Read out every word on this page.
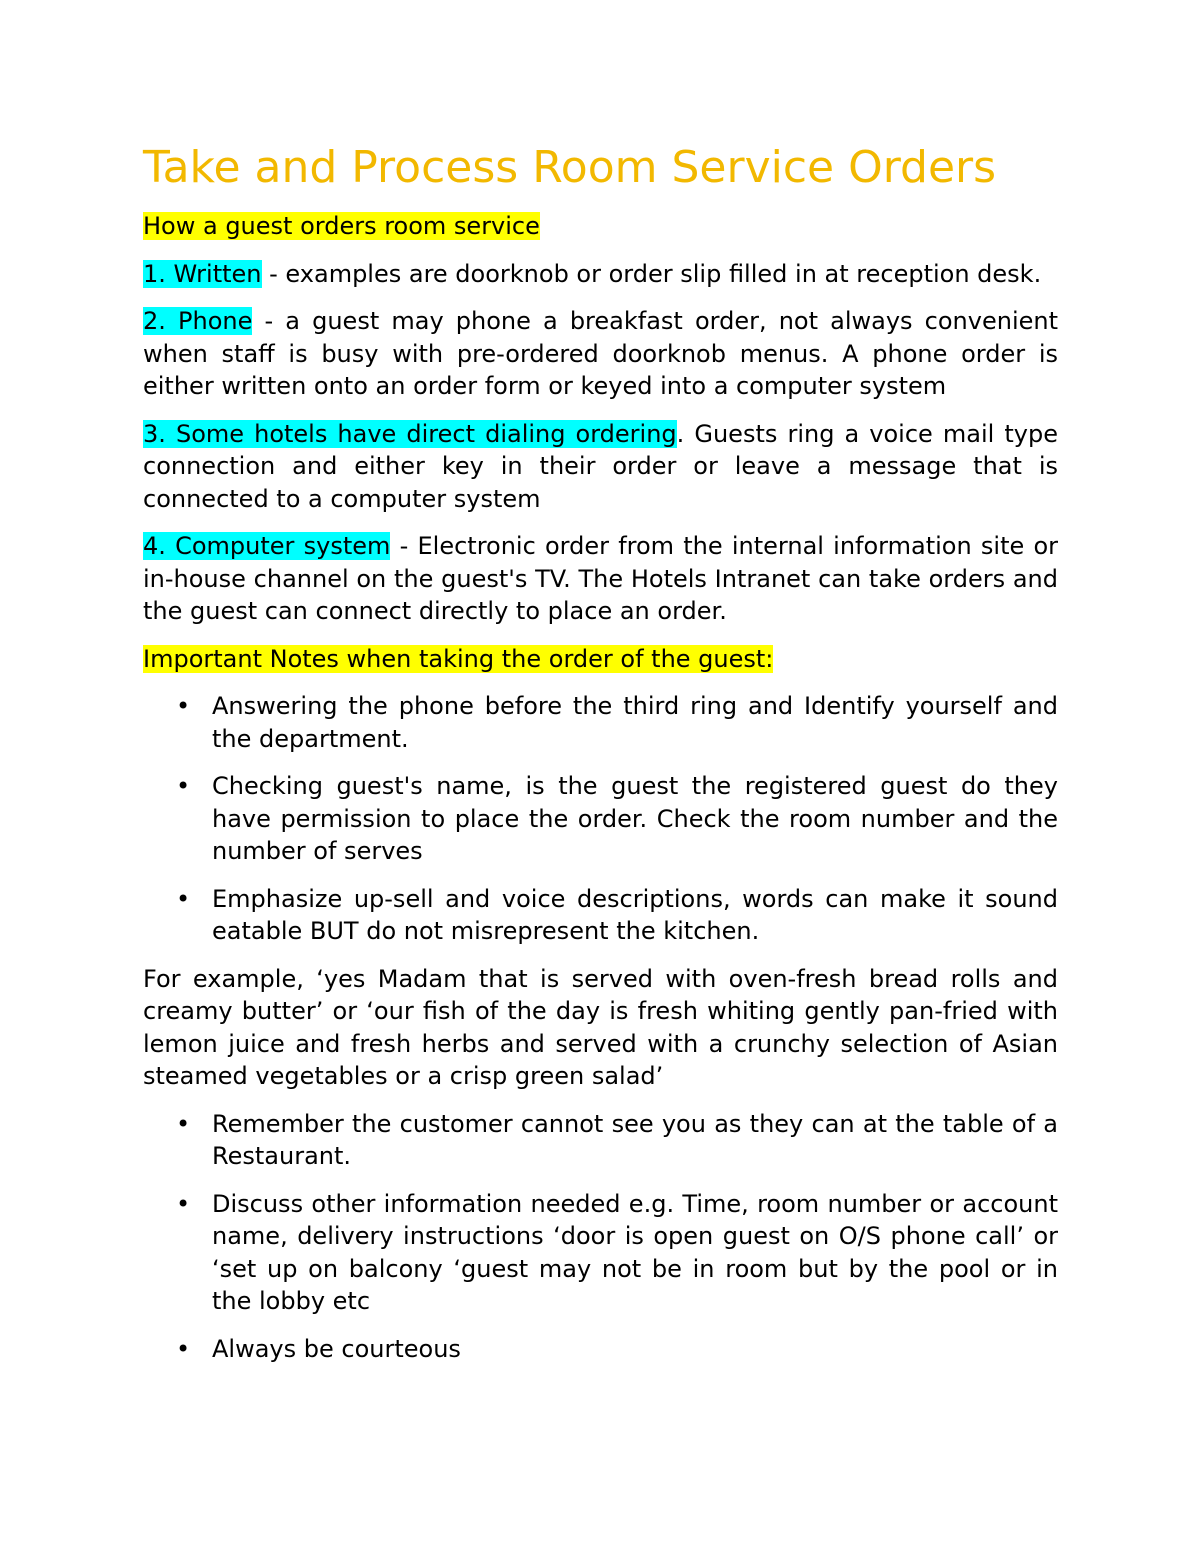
Take and Process Room Service Orders

How a guest orders room service

1. Written - examples are doorknob or order slip filled in at reception desk.

2. Phone - a guest may phone a breakfast order, not always convenient when staff is busy with pre-ordered doorknob menus. A phone order is either written onto an order form or keyed into a computer system

3. Some hotels have direct dialing ordering. Guests ring a voice mail type connection and either key in their order or leave a message that is connected to a computer system

4. Computer system - Electronic order from the internal information site or in-house channel on the guest's TV. The Hotels Intranet can take orders and the guest can connect directly to place an order.

Important Notes when taking the order of the guest:

• Answering the phone before the third ring and Identify yourself and the department.
• Checking guest's name, is the guest the registered guest do they have permission to place the order. Check the room number and the number of serves
• Emphasize up-sell and voice descriptions, words can make it sound eatable BUT do not misrepresent the kitchen.

For example, ‘yes Madam that is served with oven-fresh bread rolls and creamy butter’ or ‘our fish of the day is fresh whiting gently pan-fried with lemon juice and fresh herbs and served with a crunchy selection of Asian steamed vegetables or a crisp green salad’

• Remember the customer cannot see you as they can at the table of a Restaurant.
• Discuss other information needed e.g. Time, room number or account name, delivery instructions ‘door is open guest on O/S phone call’ or ‘set up on balcony ‘guest may not be in room but by the pool or in the lobby etc
• Always be courteous
